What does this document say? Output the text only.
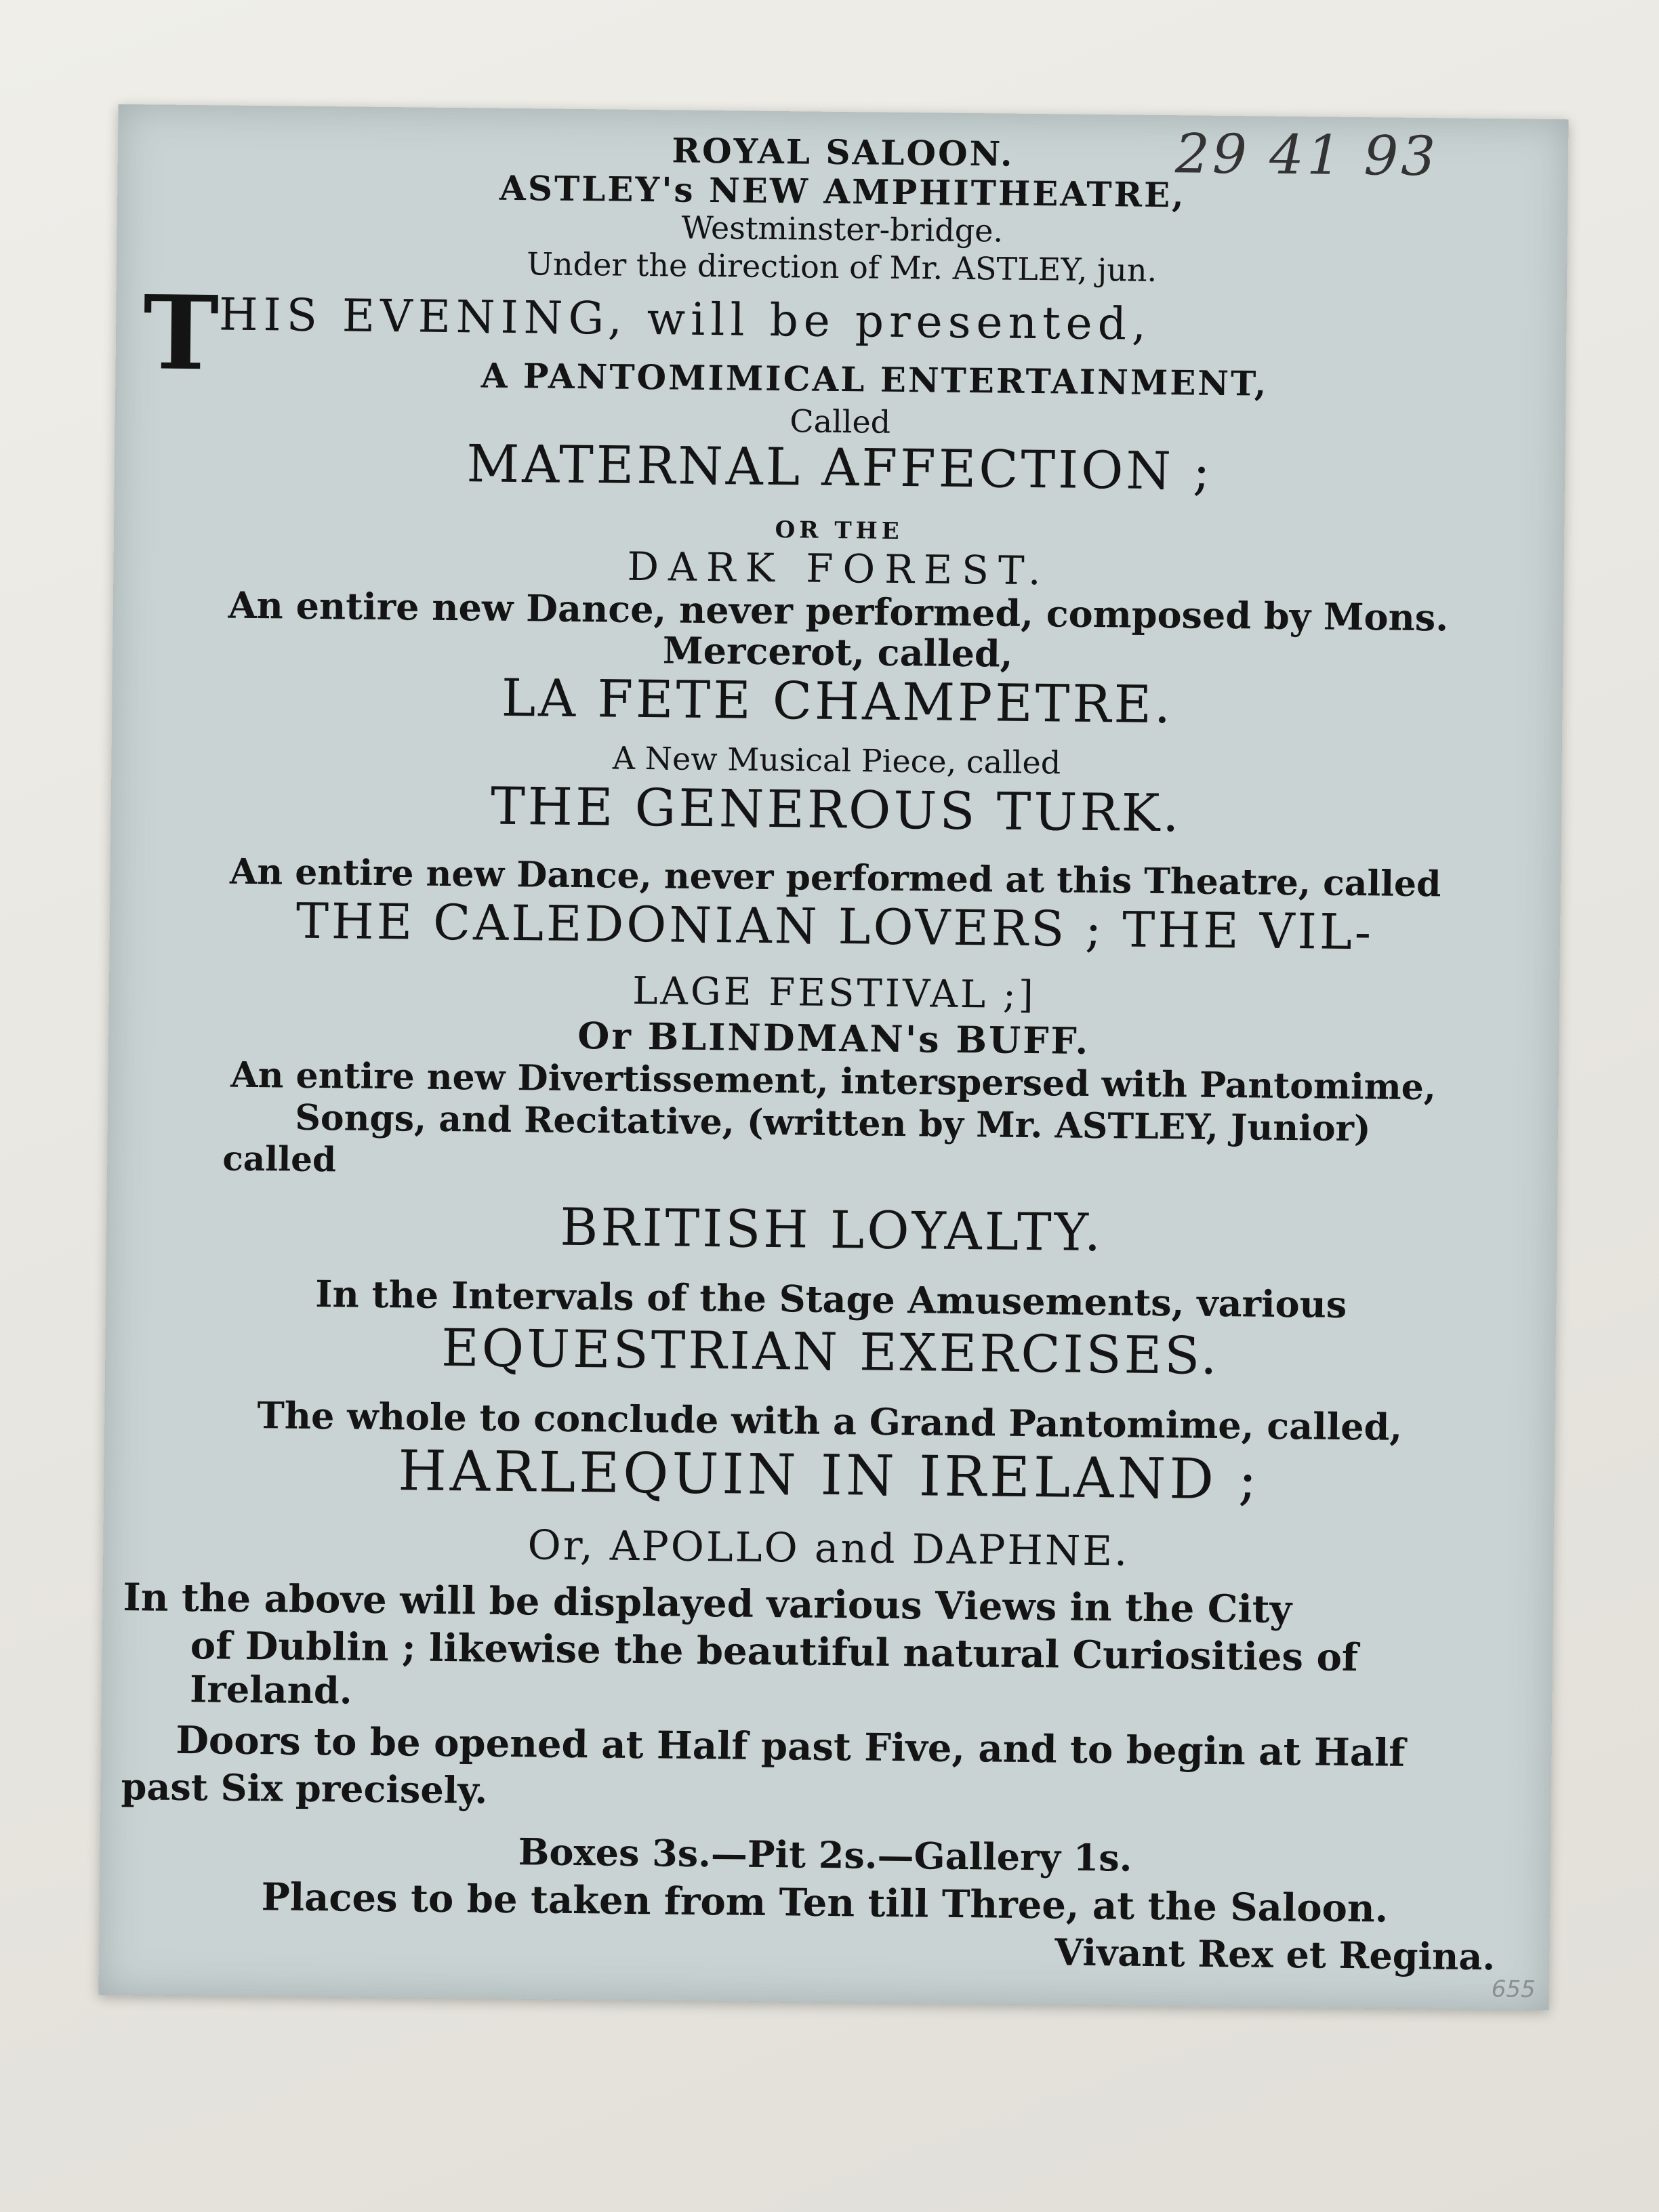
29 41 93
ROYAL SALOON.
ASTLEY's NEW AMPHITHEATRE,
Westminster-bridge.
Under the direction of Mr. ASTLEY, jun.
THIS EVENING, will be presented,
A PANTOMIMICAL ENTERTAINMENT,
Called
MATERNAL AFFECTION ;
OR THE
DARK FOREST.
An entire new Dance, never performed, composed by Mons.
Mercerot, called,
LA FETE CHAMPETRE.
A New Musical Piece, called
THE GENEROUS TURK.
An entire new Dance, never performed at this Theatre, called
THE CALEDONIAN LOVERS ; THE VIL-
LAGE FESTIVAL ;]
Or BLINDMAN's BUFF.
An entire new Divertissement, interspersed with Pantomime,
Songs, and Recitative, (written by Mr. ASTLEY, Junior)
called
BRITISH LOYALTY.
In the Intervals of the Stage Amusements, various
EQUESTRIAN EXERCISES.
The whole to conclude with a Grand Pantomime, called,
HARLEQUIN IN IRELAND ;
Or, APOLLO and DAPHNE.
In the above will be displayed various Views in the City
of Dublin ; likewise the beautiful natural Curiosities of
Ireland.
Doors to be opened at Half past Five, and to begin at Half
past Six precisely.
Boxes 3s.—Pit 2s.—Gallery 1s.
Places to be taken from Ten till Three, at the Saloon.
Vivant Rex et Regina.
655
